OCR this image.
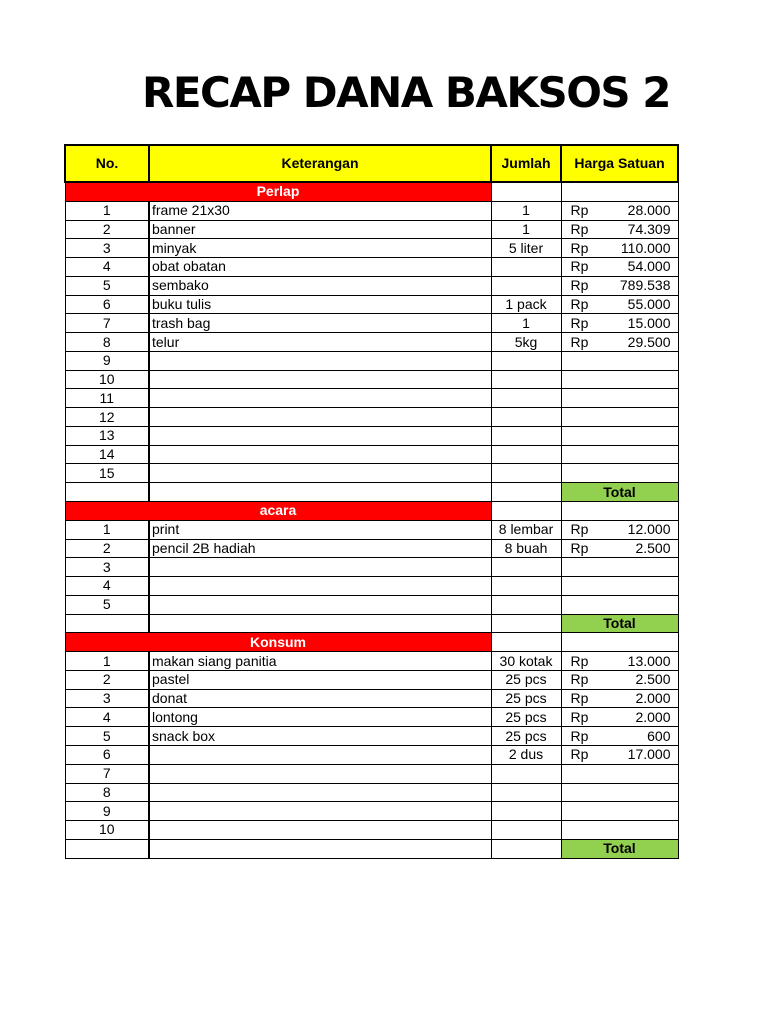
RECAP DANA BAKSOS 2
No.	Keterangan	Jumlah	Harga Satuan
Perlap			
1	frame 21x30	1	Rp 28.000

2	banner	1	Rp 74.309

3	minyak	5 liter	Rp 110.000

4	obat obatan		Rp 54.000

5	sembako		Rp 789.538

6	buku tulis	1 pack	Rp 55.000

7	trash bag	1	Rp 15.000

8	telur	5kg	Rp 29.500

9			

10			

11			

12			

13			

14			

15			

			Total
acara			
1	print	8 lembar	Rp 12.000

2	pencil 2B hadiah	8 buah	Rp 2.500

3			

4			

5			

			Total
Konsum			
1	makan siang panitia	30 kotak	Rp 13.000

2	pastel	25 pcs	Rp 2.500

3	donat	25 pcs	Rp 2.000

4	lontong	25 pcs	Rp 2.000

5	snack box	25 pcs	Rp 600

6		2 dus	Rp 17.000

7			

8			

9			

10			

			Total
